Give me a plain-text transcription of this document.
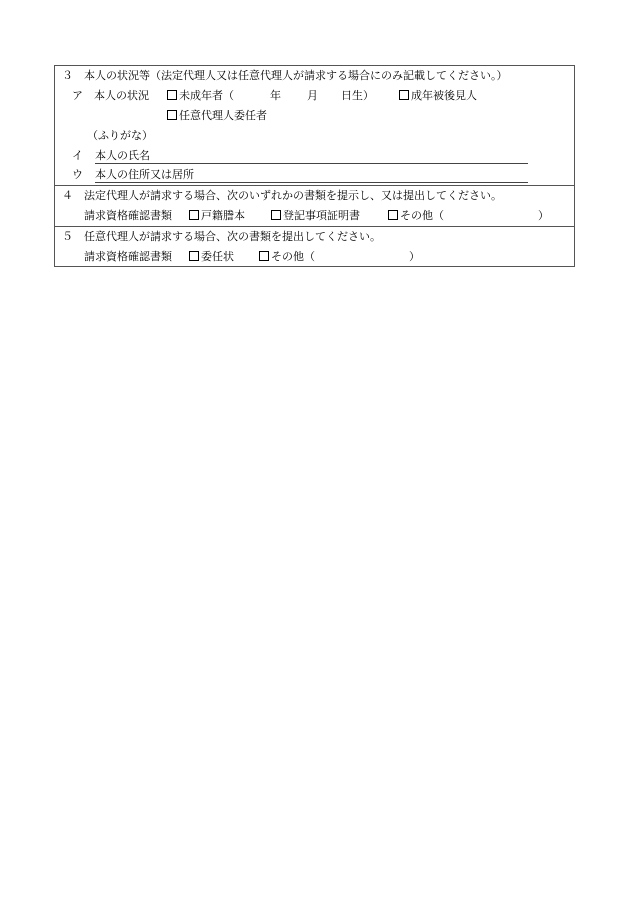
３　本人の状況等（法定代理人又は任意代理人が請求する場合にのみ記載してください。）
ア　本人の状況	未成年者（	年 月 日生）	成年被後見人
任意代理人委任者
（ふりがな）
イ 本人の氏名
ウ 本人の住所又は居所
４　法定代理人が請求する場合、次のいずれかの書類を提示し、又は提出してください。
請求資格確認書類	戸籍謄本	登記事項証明書	その他（	）
５　任意代理人が請求する場合、次の書類を提出してください。
請求資格確認書類	委任状	その他（	）
